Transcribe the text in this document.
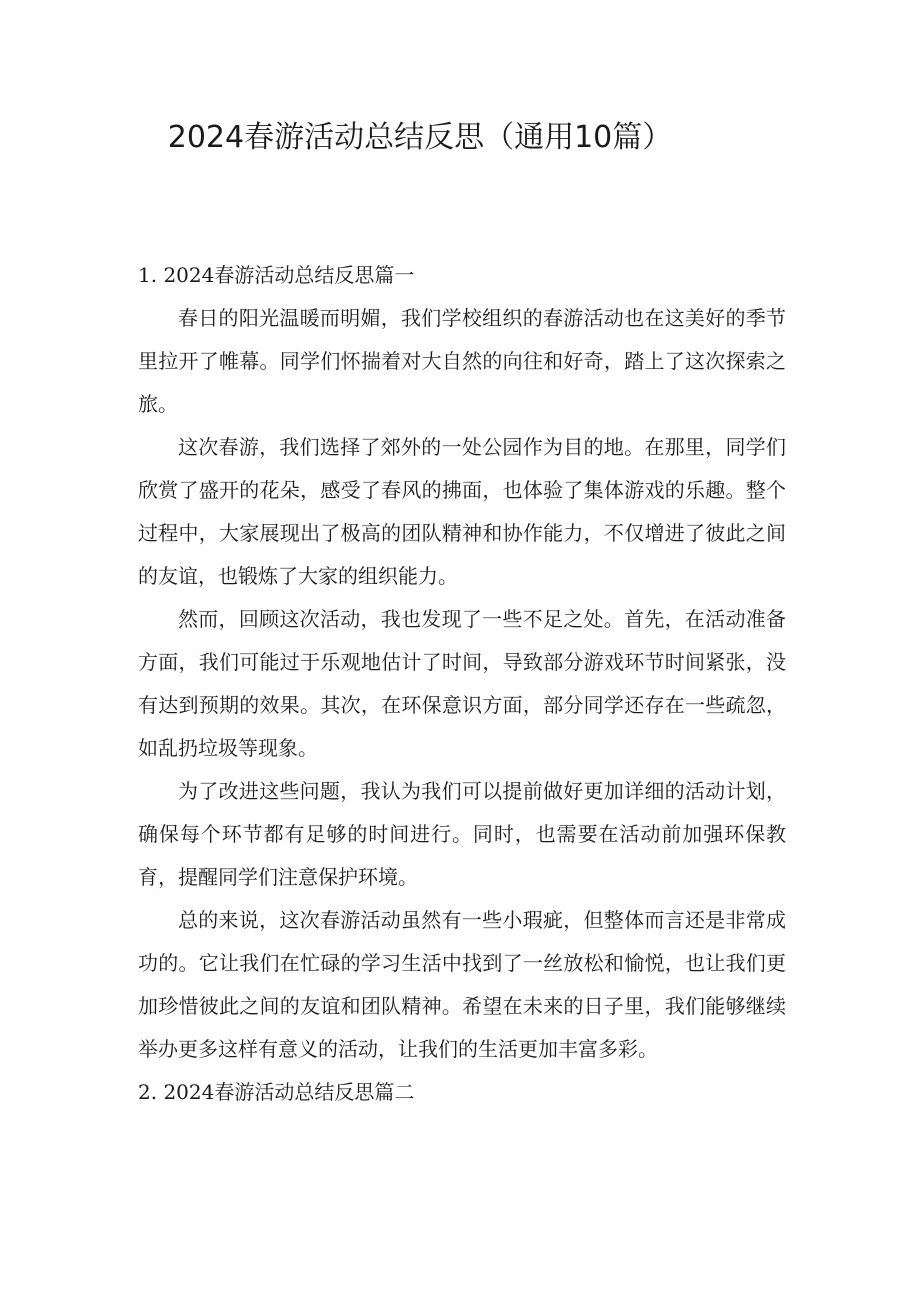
2024春游活动总结反思（通用10篇）
1. 2024春游活动总结反思篇一

春日的阳光温暖而明媚，我们学校组织的春游活动也在这美好的季节里拉开了帷幕。同学们怀揣着对大自然的向往和好奇，踏上了这次探索之旅。

这次春游，我们选择了郊外的一处公园作为目的地。在那里，同学们欣赏了盛开的花朵，感受了春风的拂面，也体验了集体游戏的乐趣。整个过程中，大家展现出了极高的团队精神和协作能力，不仅增进了彼此之间的友谊，也锻炼了大家的组织能力。

然而，回顾这次活动，我也发现了一些不足之处。首先，在活动准备方面，我们可能过于乐观地估计了时间，导致部分游戏环节时间紧张，没有达到预期的效果。其次，在环保意识方面，部分同学还存在一些疏忽，如乱扔垃圾等现象。

为了改进这些问题，我认为我们可以提前做好更加详细的活动计划，确保每个环节都有足够的时间进行。同时，也需要在活动前加强环保教育，提醒同学们注意保护环境。

总的来说，这次春游活动虽然有一些小瑕疵，但整体而言还是非常成功的。它让我们在忙碌的学习生活中找到了一丝放松和愉悦，也让我们更加珍惜彼此之间的友谊和团队精神。希望在未来的日子里，我们能够继续举办更多这样有意义的活动，让我们的生活更加丰富多彩。

2. 2024春游活动总结反思篇二
